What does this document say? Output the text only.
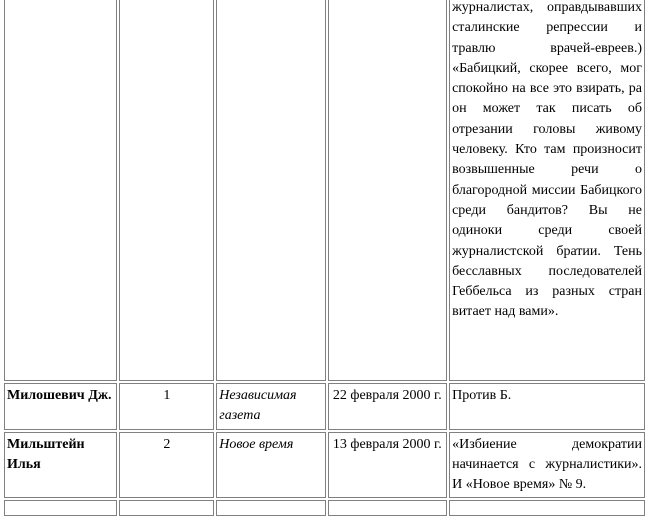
				журналистах, оправдывавших сталинские репрессии и травлю врачей-евреев.) «Бабицкий, скорее всего, мог спокойно на все это взирать, ра он может так писать об отрезании головы живому человеку. Кто там произносит возвышенные речи о благородной миссии Бабицкого среди бандитов? Вы не одиноки среди своей журналистской братии. Тень бесславных последователей Геббельса из разных стран витает над вами».
Милошевич Дж.	1	Независимая газета	22 февраля 2000 г.	Против Б.
Мильштейн Илья	2	Новое время	13 февраля 2000 г.	«Избиение демократии начинается с журналистики». И «Новое время» № 9.
